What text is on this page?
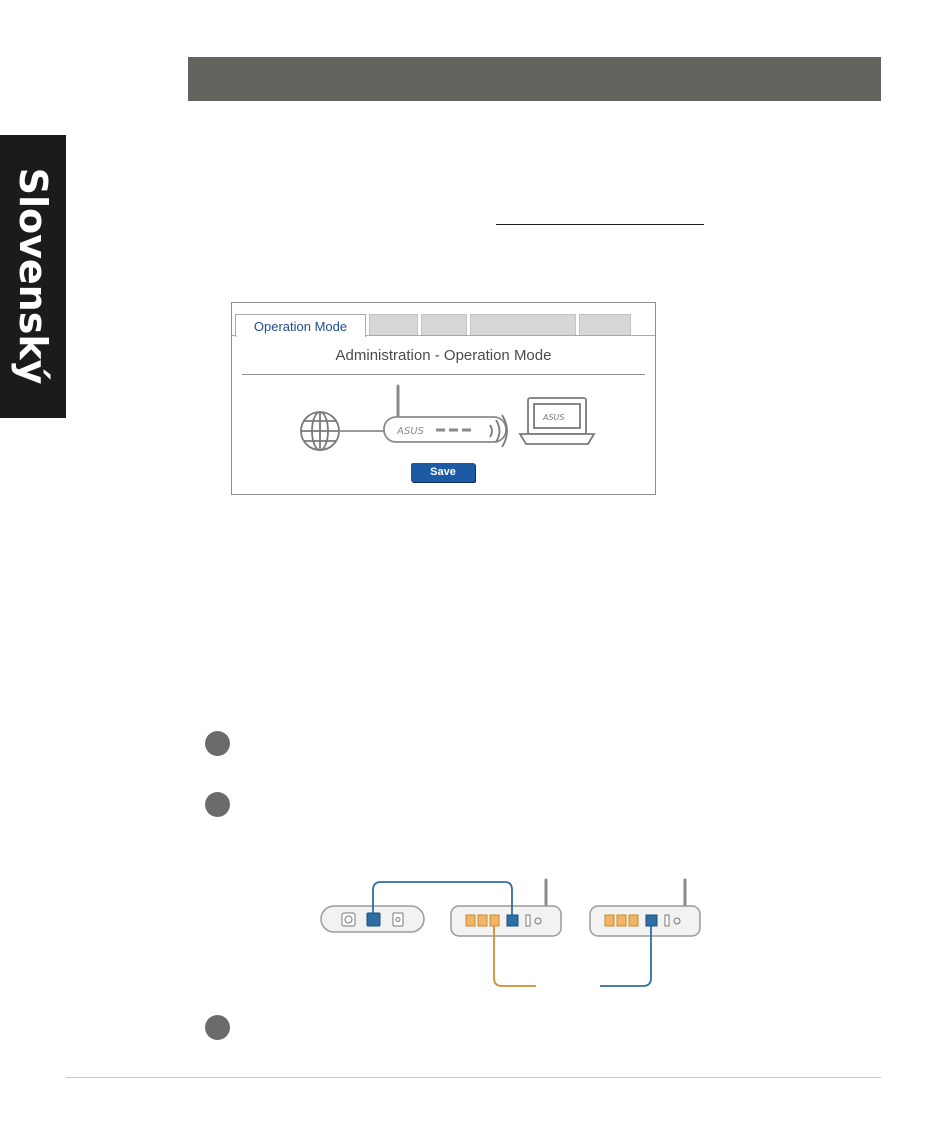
Slovenský	Operation Mode
Administration - Operation Mode
ASUS
ASUS
Save
